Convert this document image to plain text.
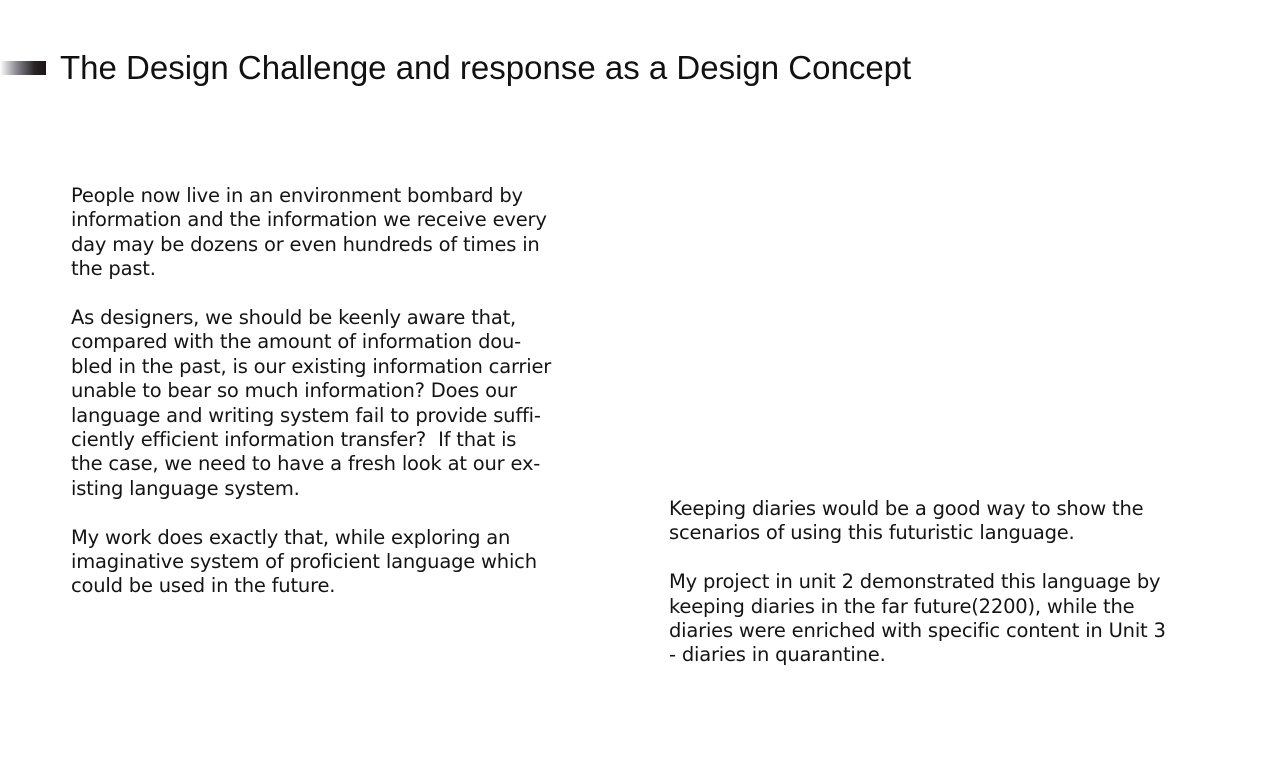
The Design Challenge and response as a Design Concept

People now live in an environment bombard by
information and the information we receive every
day may be dozens or even hundreds of times in
the past.

As designers, we should be keenly aware that,
compared with the amount of information dou-
bled in the past, is our existing information carrier
unable to bear so much information? Does our
language and writing system fail to provide suffi-
ciently efficient information transfer?  If that is
the case, we need to have a fresh look at our ex-
isting language system.

My work does exactly that, while exploring an
imaginative system of proficient language which
could be used in the future.

Keeping diaries would be a good way to show the
scenarios of using this futuristic language.

My project in unit 2 demonstrated this language by
keeping diaries in the far future(2200), while the
diaries were enriched with specific content in Unit 3
- diaries in quarantine.
